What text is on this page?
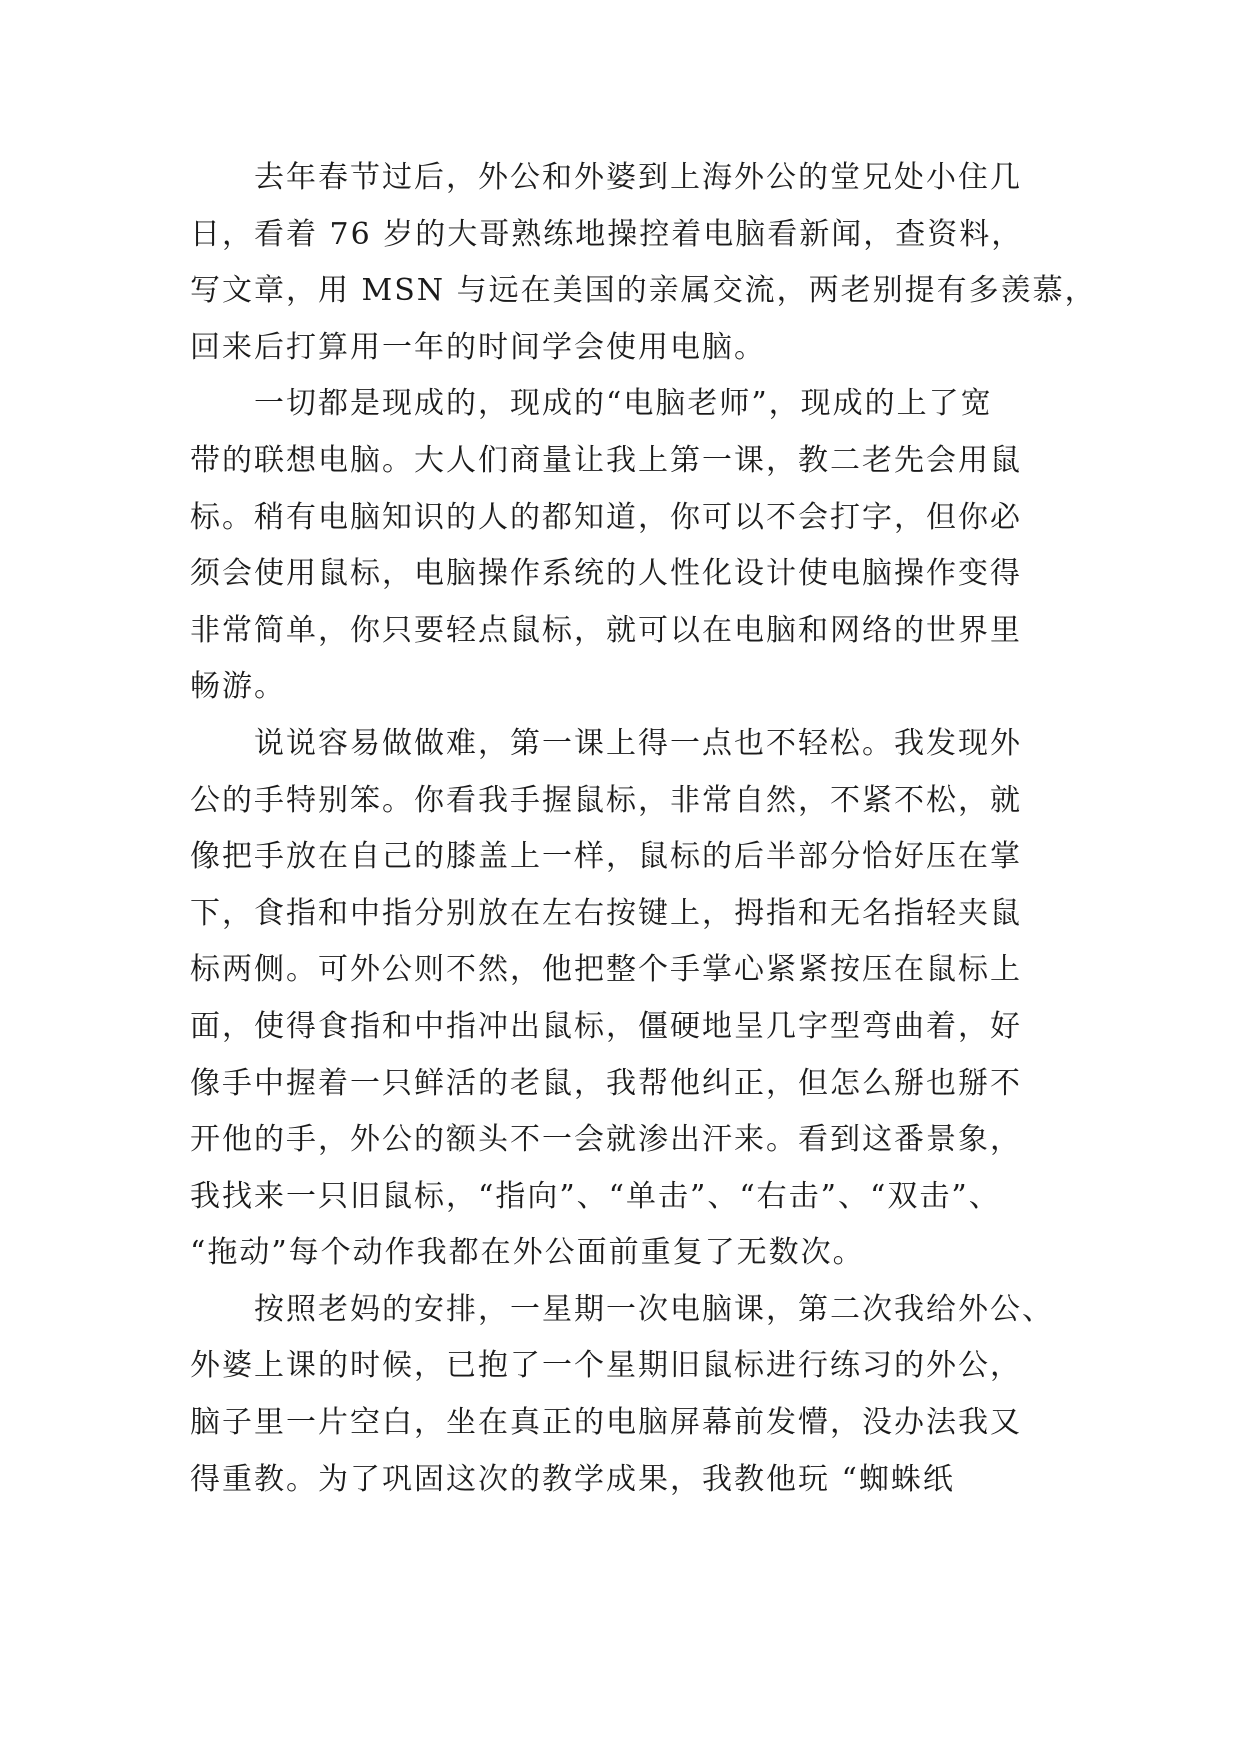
去年春节过后，外公和外婆到上海外公的堂兄处小住几
日，看着 76 岁的大哥熟练地操控着电脑看新闻，查资料，
写文章，用 MSN 与远在美国的亲属交流，两老别提有多羡慕，
回来后打算用一年的时间学会使用电脑。
一切都是现成的，现成的“电脑老师”，现成的上了宽
带的联想电脑。大人们商量让我上第一课，教二老先会用鼠
标。稍有电脑知识的人的都知道，你可以不会打字，但你必
须会使用鼠标，电脑操作系统的人性化设计使电脑操作变得
非常简单，你只要轻点鼠标，就可以在电脑和网络的世界里
畅游。
说说容易做做难，第一课上得一点也不轻松。我发现外
公的手特别笨。你看我手握鼠标，非常自然，不紧不松，就
像把手放在自己的膝盖上一样，鼠标的后半部分恰好压在掌
下，食指和中指分别放在左右按键上，拇指和无名指轻夹鼠
标两侧。可外公则不然，他把整个手掌心紧紧按压在鼠标上
面，使得食指和中指冲出鼠标，僵硬地呈几字型弯曲着，好
像手中握着一只鲜活的老鼠，我帮他纠正，但怎么掰也掰不
开他的手，外公的额头不一会就渗出汗来。看到这番景象，
我找来一只旧鼠标，“指向”、“单击”、“右击”、“双击”、
“拖动”每个动作我都在外公面前重复了无数次。
按照老妈的安排，一星期一次电脑课，第二次我给外公、
外婆上课的时候，已抱了一个星期旧鼠标进行练习的外公，
脑子里一片空白，坐在真正的电脑屏幕前发懵，没办法我又
得重教。为了巩固这次的教学成果，我教他玩 “蜘蛛纸
